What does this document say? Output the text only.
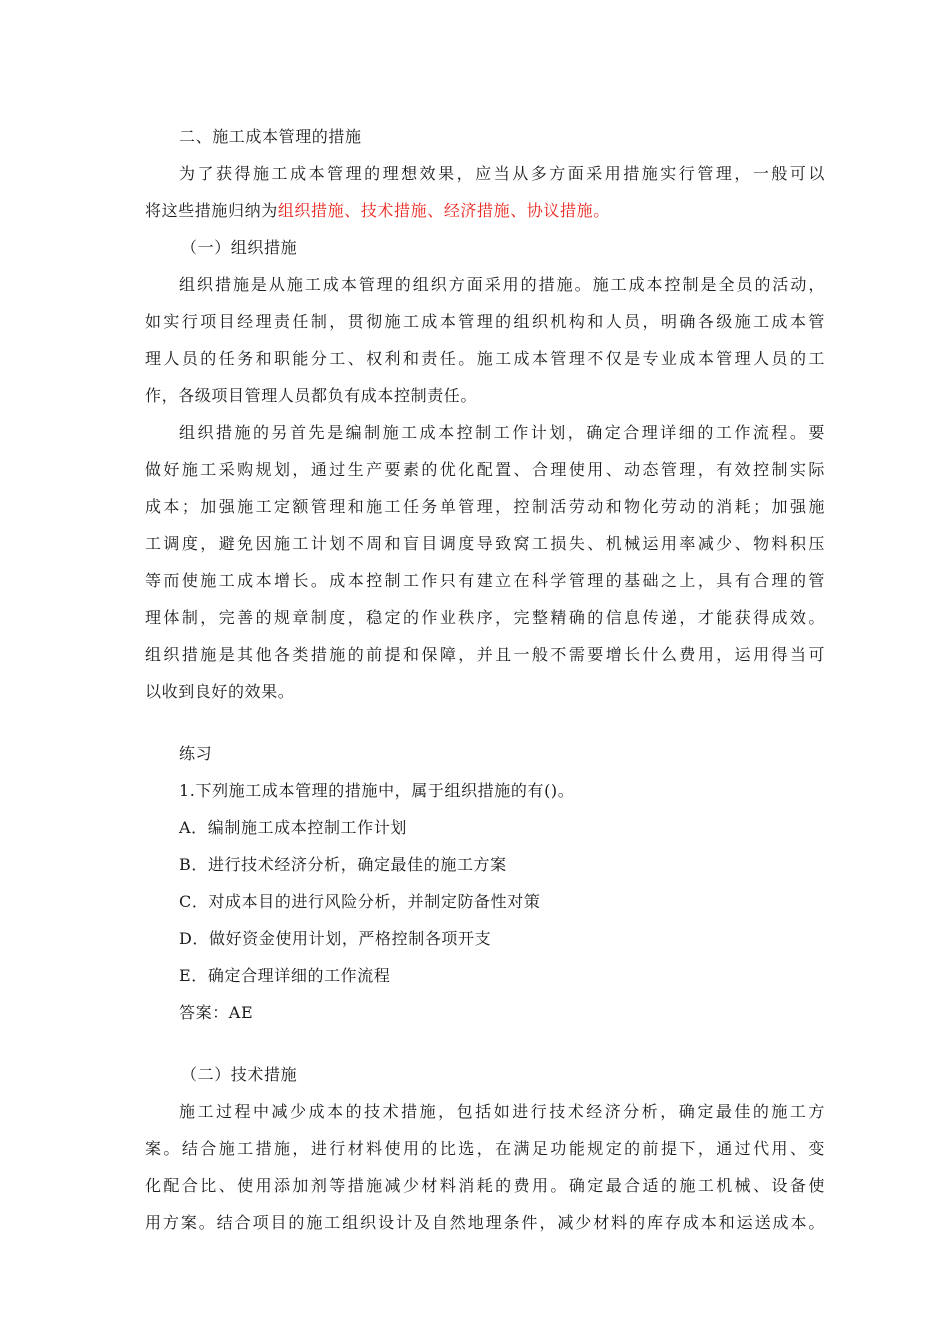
二、施工成本管理的措施
为了获得施工成本管理的理想效果，应当从多方面采用措施实行管理，一般可以
将这些措施归纳为组织措施、技术措施、经济措施、协议措施。
（一）组织措施
组织措施是从施工成本管理的组织方面采用的措施。施工成本控制是全员的活动，
如实行项目经理责任制，贯彻施工成本管理的组织机构和人员，明确各级施工成本管
理人员的任务和职能分工、权利和责任。施工成本管理不仅是专业成本管理人员的工
作，各级项目管理人员都负有成本控制责任。
组织措施的另首先是编制施工成本控制工作计划，确定合理详细的工作流程。要
做好施工采购规划，通过生产要素的优化配置、合理使用、动态管理，有效控制实际
成本；加强施工定额管理和施工任务单管理，控制活劳动和物化劳动的消耗；加强施
工调度，避免因施工计划不周和盲目调度导致窝工损失、机械运用率减少、物料积压
等而使施工成本增长。成本控制工作只有建立在科学管理的基础之上，具有合理的管
理体制，完善的规章制度，稳定的作业秩序，完整精确的信息传递，才能获得成效。
组织措施是其他各类措施的前提和保障，并且一般不需要增长什么费用，运用得当可
以收到良好的效果。
练习
1.下列施工成本管理的措施中，属于组织措施的有()。
A．编制施工成本控制工作计划
B．进行技术经济分析，确定最佳的施工方案
C．对成本目的进行风险分析，并制定防备性对策
D．做好资金使用计划，严格控制各项开支
E．确定合理详细的工作流程
答案：AE
（二）技术措施
施工过程中减少成本的技术措施，包括如进行技术经济分析，确定最佳的施工方
案。结合施工措施，进行材料使用的比选，在满足功能规定的前提下，通过代用、变
化配合比、使用添加剂等措施减少材料消耗的费用。确定最合适的施工机械、设备使
用方案。结合项目的施工组织设计及自然地理条件，减少材料的库存成本和运送成本。
